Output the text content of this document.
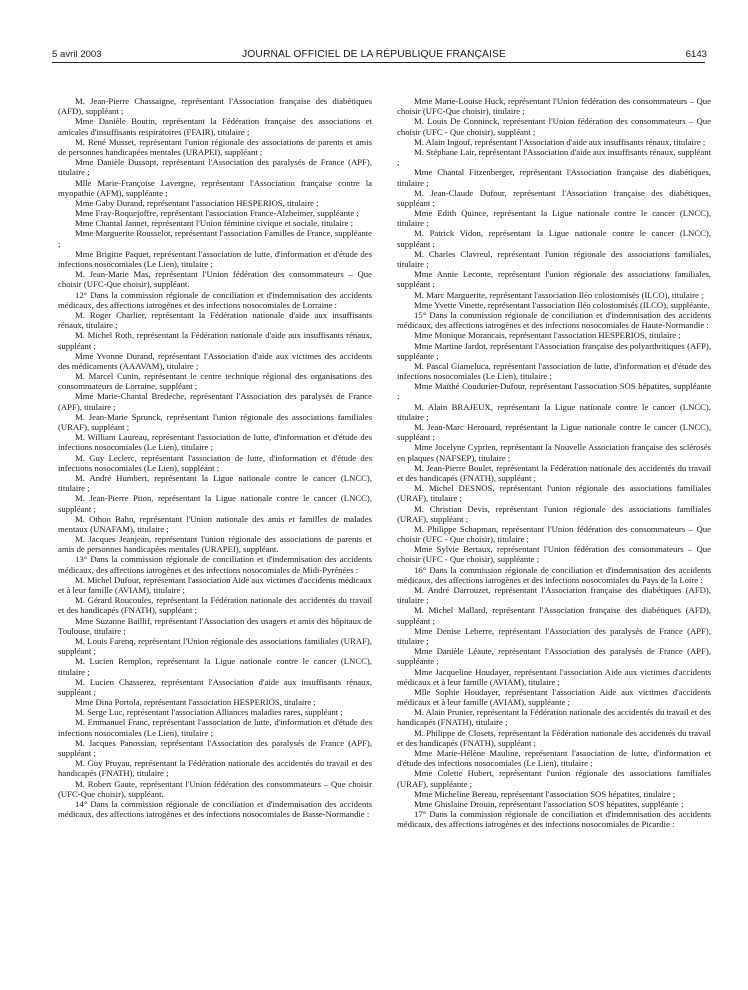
5 avril 2003	JOURNAL OFFICIEL DE LA RÉPUBLIQUE FRANÇAISE	6143

M. Jean-Pierre Chassaigne, représentant l'Association française des diabétiques (AFD), suppléant ;

Mme Danièle Boutin, représentant la Fédération française des associations et amicales d'insuffisants respiratoires (FFAIR), titulaire ;

M. René Musset, représentant l'union régionale des associations de parents et amis de personnes handicapées mentales (URAPEI), suppléant ;

Mme Danièle Dussopt, représentant l'Association des paralysés de France (APF), titulaire ;

Mlle Marie-Françoise Lavergne, représentant l'Association française contre la myopathie (AFM), suppléante ;

Mme Gaby Durand, représentant l'association HESPERIOS, titulaire ;

Mme Fray-Roquejoffre, représentant l'association France-Alzheimer, suppléante ;

Mme Chantal Jannet, représentant l'Union féminine civique et sociale, titulaire ;

Mme Marguerite Rousselot, représentant l'association Familles de France, suppléante ;

Mme Brigitte Paquet, représentant l'association de lutte, d'information et d'étude des infections nosocomiales (Le Lien), titulaire ;

M. Jean-Marie Mas, représentant l'Union fédération des consommateurs – Que choisir (UFC-Que choisir), suppléant.

12° Dans la commission régionale de conciliation et d'indemnisation des accidents médicaux, des affections iatrogènes et des infections nosocomiales de Lorraine :

M. Roger Charlier, représentant la Fédération nationale d'aide aux insuffisants rénaux, titulaire ;

M. Michel Roth, représentant la Fédération nationale d'aide aux insuffisants rénaux, suppléant ;

Mme Yvonne Durand, représentant l'Association d'aide aux victimes des accidents des médicaments (AAAVAM), titulaire ;

M. Marcel Cunin, représentant le centre technique régional des organisations des consommateurs de Lorraine, suppléant ;

Mme Marie-Chantal Bredeche, représentant l'Association des paralysés de France (APF), titulaire ;

M. Jean-Marie Sprunck, représentant l'union régionale des associations familiales (URAF), suppléant ;

M. William Laureau, représentant l'association de lutte, d'information et d'étude des infections nosocomiales (Le Lien), titulaire ;

M. Guy Leclerc, représentant l'association de lutte, d'information et d'étude des infections nosocomiales (Le Lien), suppléant ;

M. André Humbert, représentant la Ligue nationale contre le cancer (LNCC), titulaire ;

M. Jean-Pierre Piton, représentant la Ligue nationale contre le cancer (LNCC), suppléant ;

M. Othon Bahn, représentant l'Union nationale des amis et familles de malades mentaux (UNAFAM), titulaire ;

M. Jacques Jeanjean, représentant l'union régionale des associations de parents et amis de personnes handicapées mentales (URAPEI), suppléant.

13° Dans la commission régionale de conciliation et d'indemnisation des accidents médicaux, des affections iatrogènes et des infections nosocomiales de Midi-Pyrénées :

M. Michel Dufour, représentant l'association Aide aux victimes d'accidents médicaux et à leur famille (AVIAM), titulaire ;

M. Gérard Roucoules, représentant la Fédération nationale des accidentés du travail et des handicapés (FNATH), suppléant ;

Mme Suzanne Baillif, représentant l'Association des usagers et amis des hôpitaux de Toulouse, titulaire ;

M. Louis Farenq, représentant l'Union régionale des associations familiales (URAF), suppléant ;

M. Lucien Remplon, représentant la Ligue nationale contre le cancer (LNCC), titulaire ;

M. Lucien Chasserez, représentant l'Association d'aide aux insuffisants rénaux, suppléant ;

Mme Dina Portola, représentant l'association HESPERIOS, titulaire ;

M. Serge Luc, représentant l'association Alliances maladies rares, suppléant ;

M. Emmanuel Franc, représentant l'association de lutte, d'information et d'étude des infections nosocomiales (Le Lien), titulaire ;

M. Jacques Panossian, représentant l'Association des paralysés de France (APF), suppléant ;

M. Guy Pruyau, représentant la Fédération nationale des accidentés du travail et des handicapés (FNATH), titulaire ;

M. Robert Gaute, représentant l'Union fédération des consommateurs – Que choisir (UFC-Que choisir), suppléant.

14° Dans la commission régionale de conciliation et d'indemnisation des accidents médicaux, des affections iatrogènes et des infections nosocomiales de Basse-Normandie :

Mme Marie-Louise Huck, représentant l'Union fédération des consommateurs – Que choisir (UFC-Que choisir), titulaire ;

M. Louis De Conninck, représentant l'Union fédération des consommateurs – Que choisir (UFC - Que choisir), suppléant ;

M. Alain Ingouf, représentant l'Association d'aide aux insuffisants rénaux, titulaire ;

M. Stéphane Lair, représentant l'Association d'aide aux insuffisants rénaux, suppléant ;

Mme Chantal Fitzenberger, représentant l'Association française des diabétiques, titulaire ;

M. Jean-Claude Dufour, représentant l'Association française des diabétiques, suppléant ;

Mme Edith Quince, représentant la Ligue nationale contre le cancer (LNCC), titulaire ;

M. Patrick Vidon, représentant la Ligue nationale contre le cancer (LNCC), suppléant ;

M. Charles Clavreul, représentant l'union régionale des associations familiales, titulaire ;

Mme Annie Leconte, représentant l'union régionale des associations familiales, suppléant ;

M. Marc Marguerite, représentant l'association Iléo colostomisés (ILCO), titulaire ;

Mme Yvette Vinette, représentant l'association Iléo colostomisés (ILCO), suppléante.

15° Dans la commission régionale de conciliation et d'indemnisation des accidents médicaux, des affections iatrogènes et des infections nosocomiales de Haute-Normandie :

Mme Monique Morancais, représentant l'association HESPERIOS, titulaire ;

Mme Martine Jardot, représentant l'Association française des polyarthritiques (AFP), suppléante ;

M. Pascal Giameluca, représentant l'association de lutte, d'information et d'étude des infections nosocomiales (Le Lien), titulaire ;

Mme Maïthé Coudurier-Dufour, représentant l'association SOS hépatites, suppléante ;

M. Alain BRAJEUX, représentant la Ligue nationale contre le cancer (LNCC), titulaire ;

M. Jean-Marc Herouard, représentant la Ligue nationale contre le cancer (LNCC), suppléant ;

Mme Jocelyne Cyprien, représentant la Nouvelle Association française des sclérosés en plaques (NAFSEP), titulaire ;

M. Jean-Pierre Boulet, représentant la Fédération nationale des accidentés du travail et des handicapés (FNATH), suppléant ;

M. Michel DESNOS, représentant l'union régionale des associations familiales (URAF), titulaire ;

M. Christian Devis, représentant l'union régionale des associations familiales (URAF), suppléant ;

M. Philippe Schapman, représentant l'Union fédération des consommateurs – Que choisir (UFC - Que choisir), titulaire ;

Mme Sylvie Bertaux, représentant l'Union fédération des consommateurs – Que choisir (UFC - Que choisir), suppléante ;

16° Dans la commission régionale de conciliation et d'indemnisation des accidents médicaux, des affections iatrogènes et des infections nosocomiales du Pays de la Loire :

M. André Darrouzet, représentant l'Association française des diabétiques (AFD), titulaire ;

M. Michel Mallard, représentant l'Association française des diabétiques (AFD), suppléant ;

Mme Denise Leberre, représentant l'Association des paralysés de France (APF), titulaire ;

Mme Danièle Léaute, représentant l'Association des paralysés de France (APF), suppléante ;

Mme Jacqueline Houdayer, représentant l'association Aide aux victimes d'accidents médicaux et à leur famille (AVIAM), titulaire ;

Mlle Sophie Houdayer, représentant l'association Aide aux victimes d'accidents médicaux et à leur famille (AVIAM), suppléante ;

M. Alain Prunier, représentant la Fédération nationale des accidentés du travail et des handicapés (FNATH), titulaire ;

M. Philippe de Closets, représentant la Fédération nationale des accidentés du travail et des handicapés (FNATH), suppléant ;

Mme Marie-Hélène Mauline, représentant l'association de lutte, d'information et d'étude des infections nosocomiales (Le Lien), titulaire ;

Mme Colette Hubert, représentant l'union régionale des associations familiales (URAF), suppléante ;

Mme Micheline Bereau, représentant l'association SOS hépatites, titulaire ;

Mme Ghislaine Drouin, représentant l'association SOS hépatites, suppléante ;

17° Dans la commission régionale de conciliation et d'indemnisation des accidents médicaux, des affections iatrogènes et des infections nosocomiales de Picardie :
